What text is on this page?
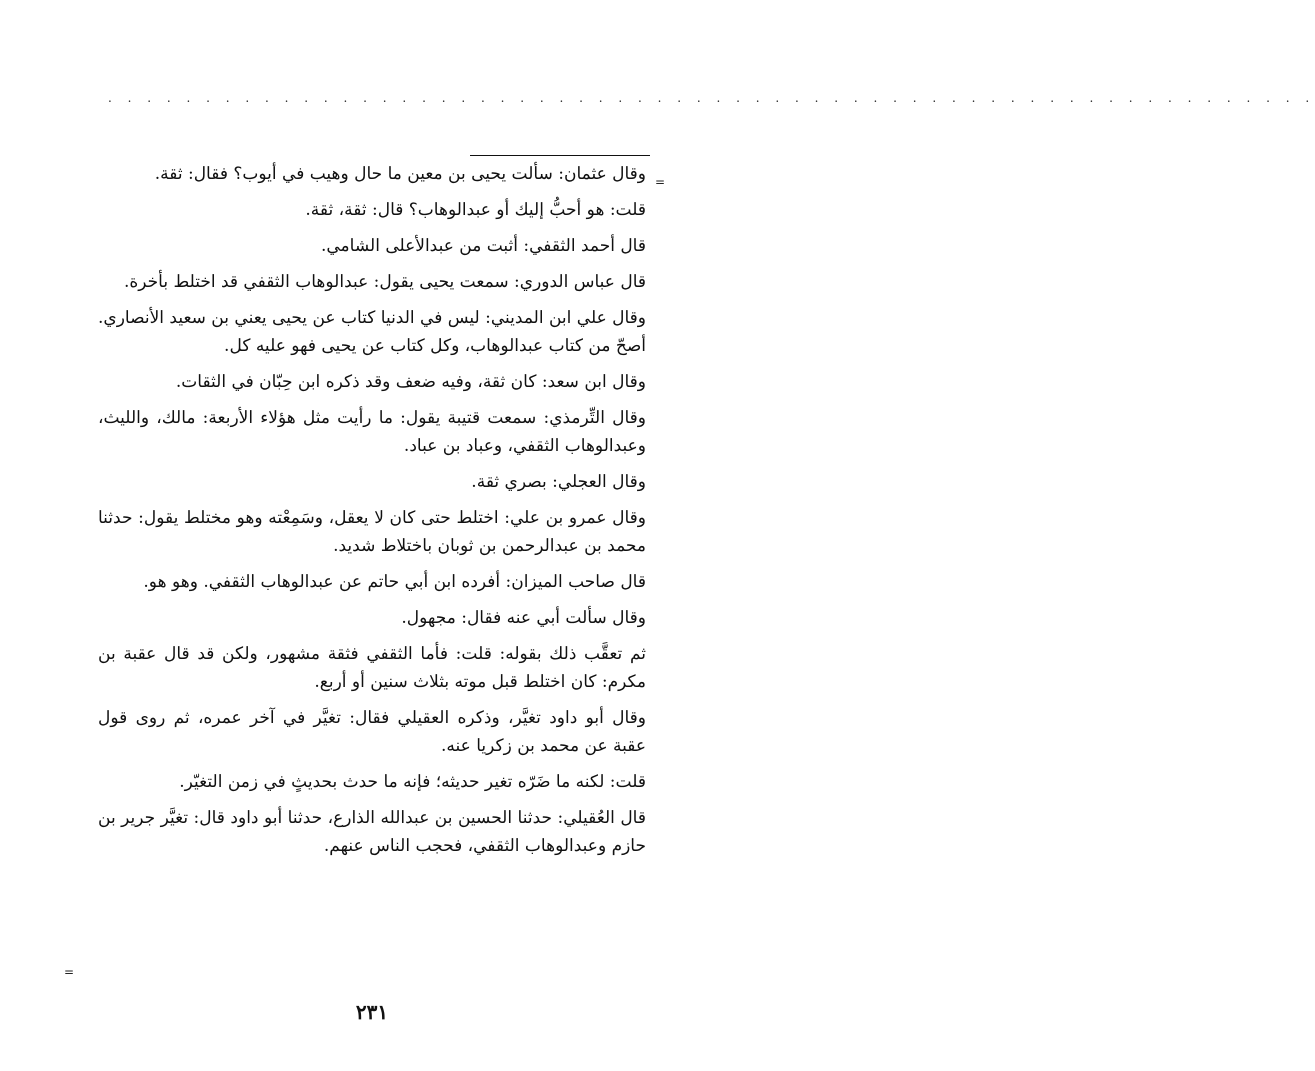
. . . . . . . . . . . . . . . . . . . . . . . . . . . . . . . . . . . . . . . . . . . . . . . . . . . . . . . . . . . . . .
=
=

وقال عثمان: سألت يحيى بن معين ما حال وهيب في أيوب؟ فقال: ثقة.

قلت: هو أحبُّ إليك أو عبدالوهاب؟ قال: ثقة، ثقة.

قال أحمد الثقفي: أثبت من عبدالأعلى الشامي.

قال عباس الدوري: سمعت يحيى يقول: عبدالوهاب الثقفي قد اختلط بأخرة.

وقال علي ابن المديني: ليس في الدنيا كتاب عن يحيى يعني بن سعيد الأنصاري. أصحّ من كتاب عبدالوهاب، وكل كتاب عن يحيى فهو عليه كل.

وقال ابن سعد: كان ثقة، وفيه ضعف وقد ذكره ابن حِبّان في الثقات.

وقال التِّرمذي: سمعت قتيبة يقول: ما رأيت مثل هؤلاء الأربعة: مالك، والليث، وعبدالوهاب الثقفي، وعباد بن عباد.

وقال العجلي: بصري ثقة.

وقال عمرو بن علي: اختلط حتى كان لا يعقل، وسَمِعْته وهو مختلط يقول: حدثنا محمد بن عبدالرحمن بن ثوبان باختلاط شديد.

قال صاحب الميزان: أفرده ابن أبي حاتم عن عبدالوهاب الثقفي. وهو هو.

وقال سألت أبي عنه فقال: مجهول.

ثم تعقَّب ذلك بقوله: قلت: فأما الثقفي فثقة مشهور، ولكن قد قال عقبة بن مكرم: كان اختلط قبل موته بثلاث سنين أو أربع.

وقال أبو داود تغيَّر، وذكره العقيلي فقال: تغيَّر في آخر عمره، ثم روى قول عقبة عن محمد بن زكريا عنه.

قلت: لكنه ما ضَرّه تغير حديثه؛ فإنه ما حدث بحديثٍ في زمن التغيّر.

قال العُقيلي: حدثنا الحسين بن عبدالله الذارع، حدثنا أبو داود قال: تغيَّر جرير بن حازم وعبدالوهاب الثقفي، فحجب الناس عنهم.

٢٣١
